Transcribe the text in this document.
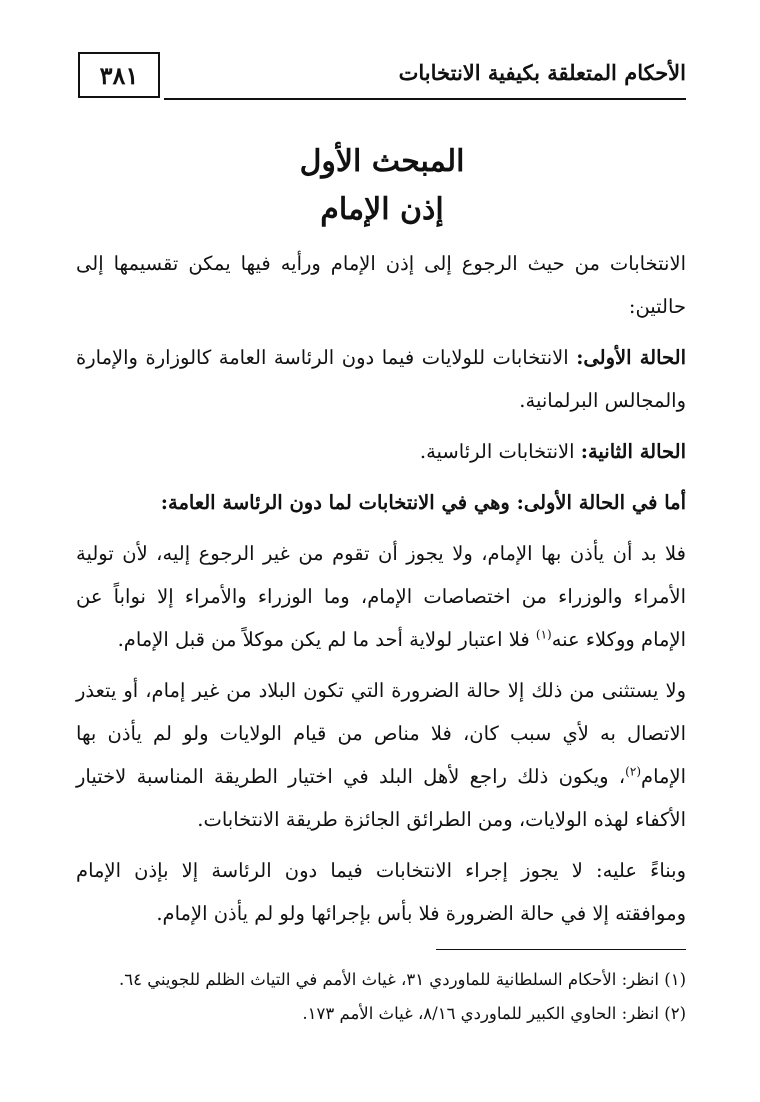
٣٨١	الأحكام المتعلقة بكيفية الانتخابات
المبحث الأول
إذن الإمام

الانتخابات من حيث الرجوع إلى إذن الإمام ورأيه فيها يمكن تقسيمها إلى حالتين:

الحالة الأولى: الانتخابات للولايات فيما دون الرئاسة العامة كالوزارة والإمارة والمجالس البرلمانية.

الحالة الثانية: الانتخابات الرئاسية.

أما في الحالة الأولى: وهي في الانتخابات لما دون الرئاسة العامة:

فلا بد أن يأذن بها الإمام، ولا يجوز أن تقوم من غير الرجوع إليه، لأن تولية الأمراء والوزراء من اختصاصات الإمام، وما الوزراء والأمراء إلا نواباً عن الإمام ووكلاء عنه$^{(١)}$ فلا اعتبار لولاية أحد ما لم يكن موكلاً من قبل الإمام.

ولا يستثنى من ذلك إلا حالة الضرورة التي تكون البلاد من غير إمام، أو يتعذر الاتصال به لأي سبب كان، فلا مناص من قيام الولايات ولو لم يأذن بها الإمام$^{(٢)}$، ويكون ذلك راجع لأهل البلد في اختيار الطريقة المناسبة لاختيار الأكفاء لهذه الولايات، ومن الطرائق الجائزة طريقة الانتخابات.

وبناءً عليه: لا يجوز إجراء الانتخابات فيما دون الرئاسة إلا بإذن الإمام وموافقته إلا في حالة الضرورة فلا بأس بإجرائها ولو لم يأذن الإمام.

(١) انظر: الأحكام السلطانية للماوردي ٣١، غياث الأمم في التياث الظلم للجويني ٦٤.
(٢) انظر: الحاوي الكبير للماوردي ٨/١٦، غياث الأمم ١٧٣.
